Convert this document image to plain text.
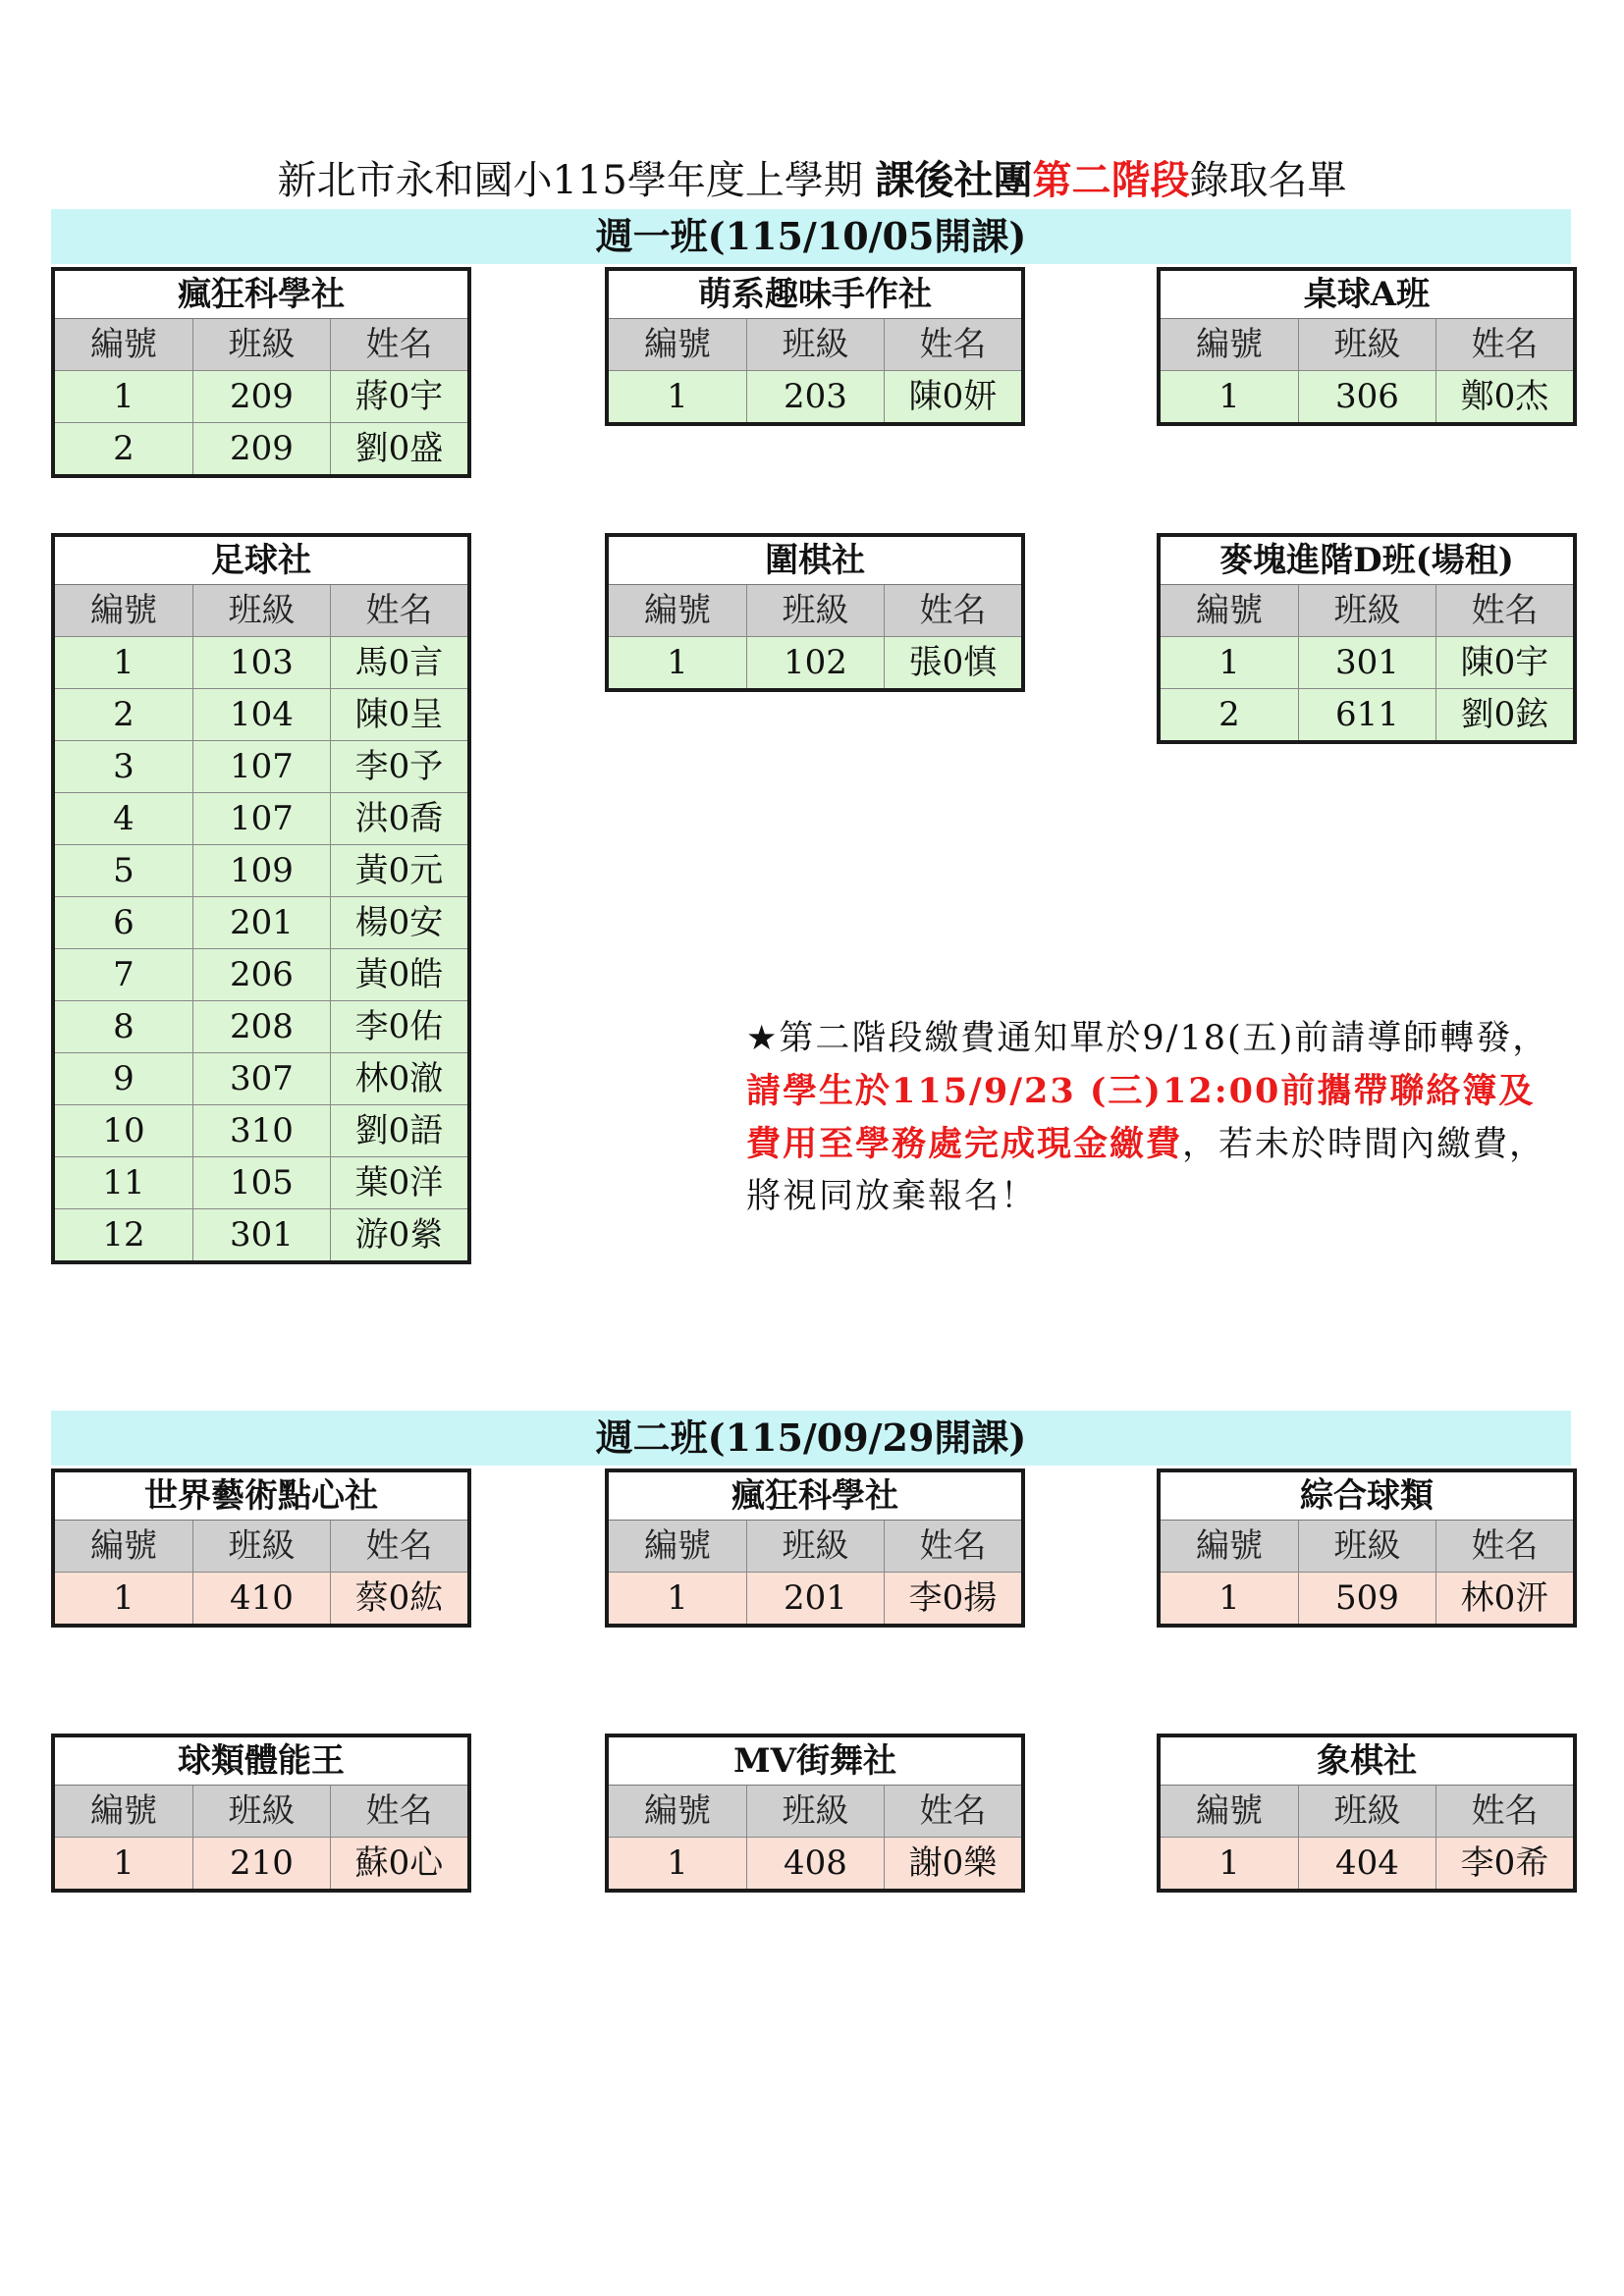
新北市永和國小115學年度上學期 課後社團第二階段錄取名單
週一班(115/10/05開課)
★第二階段繳費通知單於9/18(五)前請導師轉發，請學生於115/9/23 (三)12:00前攜帶聯絡簿及費用至學務處完成現金繳費，若未於時間內繳費，將視同放棄報名！
週二班(115/09/29開課)
瘋狂科學社
編號	班級	姓名
1	209	蔣0宇
2	209	劉0盛
萌系趣味手作社
編號	班級	姓名
1	203	陳0妍
桌球A班
編號	班級	姓名
1	306	鄭0杰
足球社
編號	班級	姓名
1	103	馬0言
2	104	陳0呈
3	107	李0予
4	107	洪0喬
5	109	黃0元
6	201	楊0安
7	206	黃0皓
8	208	李0佑
9	307	林0澈
10	310	劉0語
11	105	葉0洋
12	301	游0縈
圍棋社
編號	班級	姓名
1	102	張0慎
麥塊進階D班(場租)
編號	班級	姓名
1	301	陳0宇
2	611	劉0鉉
世界藝術點心社
編號	班級	姓名
1	410	蔡0紘
瘋狂科學社
編號	班級	姓名
1	201	李0揚
綜合球類
編號	班級	姓名
1	509	林0汧
球類體能王
編號	班級	姓名
1	210	蘇0心
MV街舞社
編號	班級	姓名
1	408	謝0樂
象棋社
編號	班級	姓名
1	404	李0希
